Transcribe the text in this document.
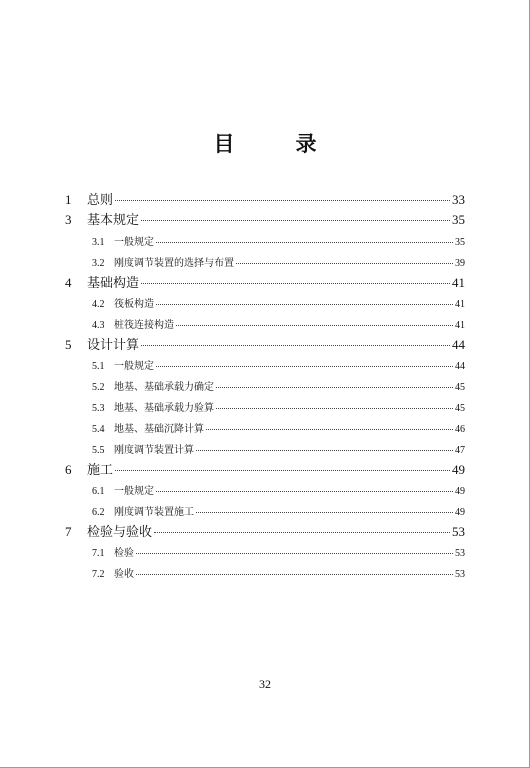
目　录
1	总则	33
3	基本规定	35
3.1 一般规定	35
3.2 刚度调节装置的选择与布置	39
4	基础构造	41
4.2 筏板构造	41
4.3 桩筏连接构造	41
5	设计计算	44
5.1 一般规定	44
5.2 地基、基础承载力确定	45
5.3 地基、基础承载力验算	45
5.4 地基、基础沉降计算	46
5.5 刚度调节装置计算	47
6	施工	49
6.1 一般规定	49
6.2 刚度调节装置施工	49
7	检验与验收	53
7.1 检验	53
7.2 验收	53
32
